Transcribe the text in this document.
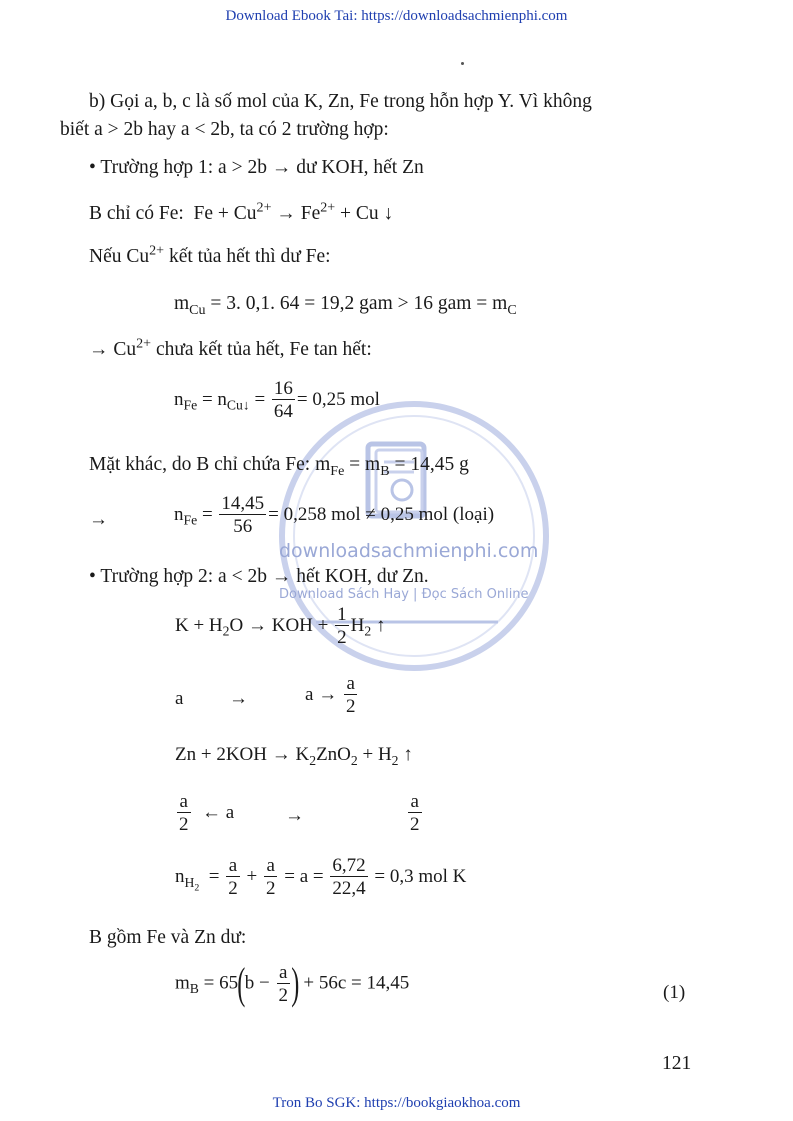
Download Ebook Tai: https://downloadsachmienphi.com
downloadsachmienphi.com
Download Sách Hay | Đọc Sách Online
b) Gọi a, b, c là số mol của K, Zn, Fe trong hỗn hợp Y. Vì không
biết a > 2b hay a < 2b, ta có 2 trường hợp:
• Trường hợp 1: a > 2b → dư KOH, hết Zn
B chỉ có Fe:  $Fe + Cu^{2+} \to Fe^{2+} + Cu$ ↓
Nếu $Cu^{2+}$ kết tủa hết thì dư Fe:
$m_{Cu} = 3$. 0,1. 64 = 19,2 gam > 16 gam = $m_C$
→ $Cu^{2+}$ chưa kết tủa hết, Fe tan hết:
$n_{Fe} = n_{Cu↓} = \frac{16}{64} = 0,25$ mol
Mặt khác, do B chỉ chứa Fe: $m_{Fe} = m_B = 14,45$ g
→	$n_{Fe} = \frac{14,45}{56} = 0,258$ mol ≠ 0,25 mol (loại)
• Trường hợp 2: a < 2b → hết KOH, dư Zn.
$K + H_2O$ → KOH + $\frac{1}{2} H_2$ ↑
a →	$a \to \frac{a}{2}$
$Zn + 2KOH \to K_2ZnO_2 + H_2$ ↑
$\frac{a}{2}$ ← a	→	$\frac{a}{2}$
$n_{H_2} = \frac{a}{2} + \frac{a}{2} = a = \frac{6,72}{22,4} = 0,3$ mol K
B gồm Fe và Zn dư:
$m_B = 65(b - \frac{a}{2}$ ) + 56c = 14,45	(1)
121
Tron Bo SGK: https://bookgiaokhoa.com
